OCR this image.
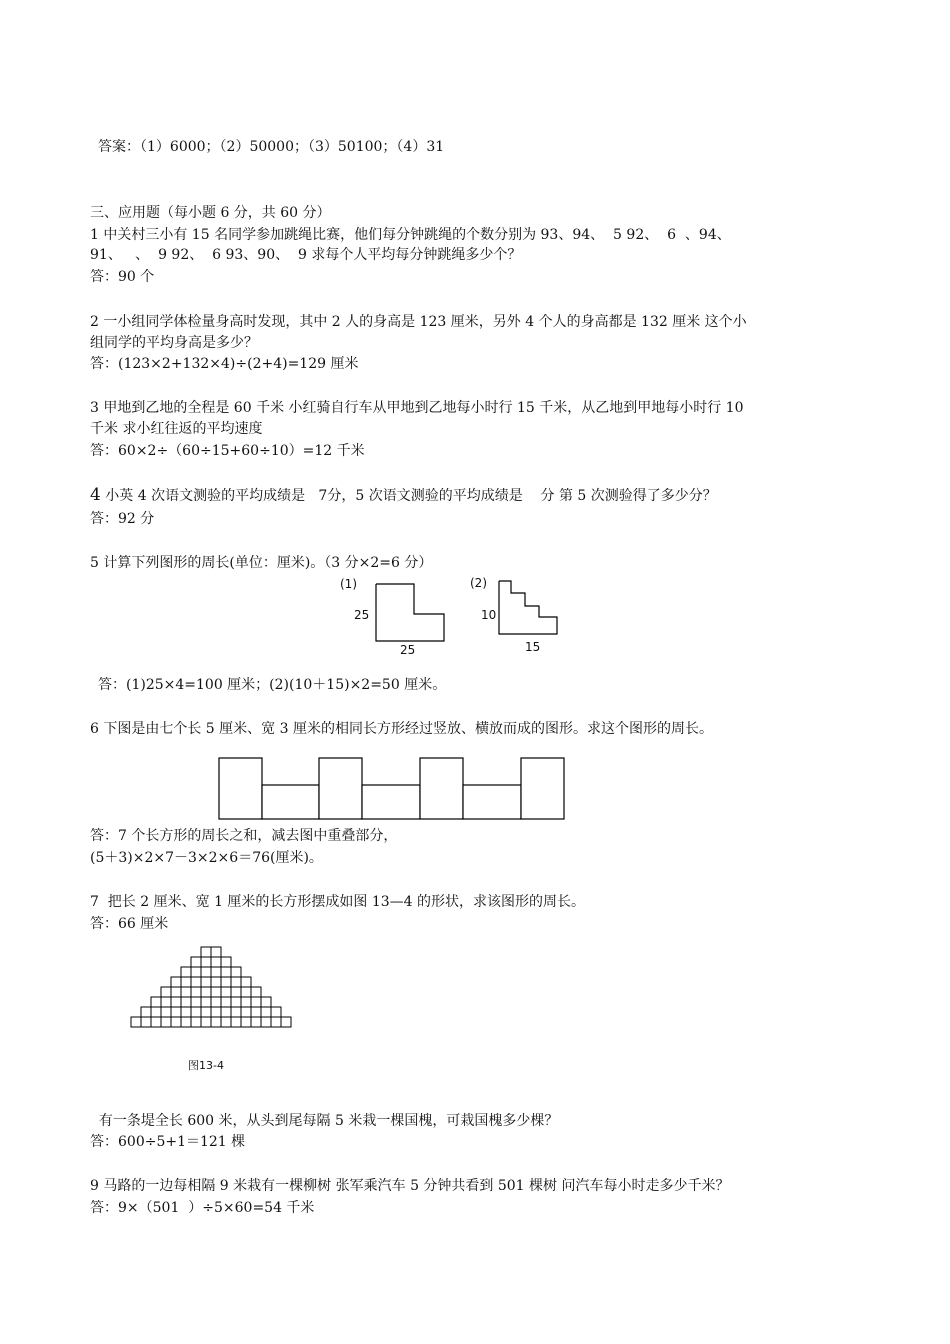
答案：（1）6000；（2）50000；（3）50100；（4）31
三、应用题（每小题 6 分，共 60 分）
1 中关村三小有 15 名同学参加跳绳比赛，他们每分钟跳绳的个数分别为 93、94、  5 92、  6  、94、
91、   、  9 92、  6 93、90、  9 求每个人平均每分钟跳绳多少个？
答：90 个
2 一小组同学体检量身高时发现，其中 2 人的身高是 123 厘米，另外 4 个人的身高都是 132 厘米 这个小
组同学的平均身高是多少？
答：(123×2+132×4)÷(2+4)=129 厘米
3 甲地到乙地的全程是 60 千米 小红骑自行车从甲地到乙地每小时行 15 千米，从乙地到甲地每小时行 10
千米 求小红往返的平均速度
答：60×2÷（60÷15+60÷10）=12 千米
4 小英 4 次语文测验的平均成绩是   7分，5 次语文测验的平均成绩是    分 第 5 次测验得了多少分？
答：92 分
5 计算下列图形的周长(单位：厘米)。（3 分×2=6 分）
(1)
25
25
(2)
10
15
答：(1)25×4=100 厘米；(2)(10＋15)×2=50 厘米。
6 下图是由七个长 5 厘米、宽 3 厘米的相同长方形经过竖放、横放而成的图形。求这个图形的周长。
答：7 个长方形的周长之和，减去图中重叠部分，
(5＋3)×2×7－3×2×6＝76(厘米)。
7  把长 2 厘米、宽 1 厘米的长方形摆成如图 13—4 的形状，求该图形的周长。
答：66 厘米
图13-4
有一条堤全长 600 米，从头到尾每隔 5 米栽一棵国槐，可栽国槐多少棵？
答：600÷5+1＝121 棵
9 马路的一边每相隔 9 米栽有一棵柳树 张军乘汽车 5 分钟共看到 501 棵树 问汽车每小时走多少千米？
答：9×（501  ）÷5×60=54 千米
